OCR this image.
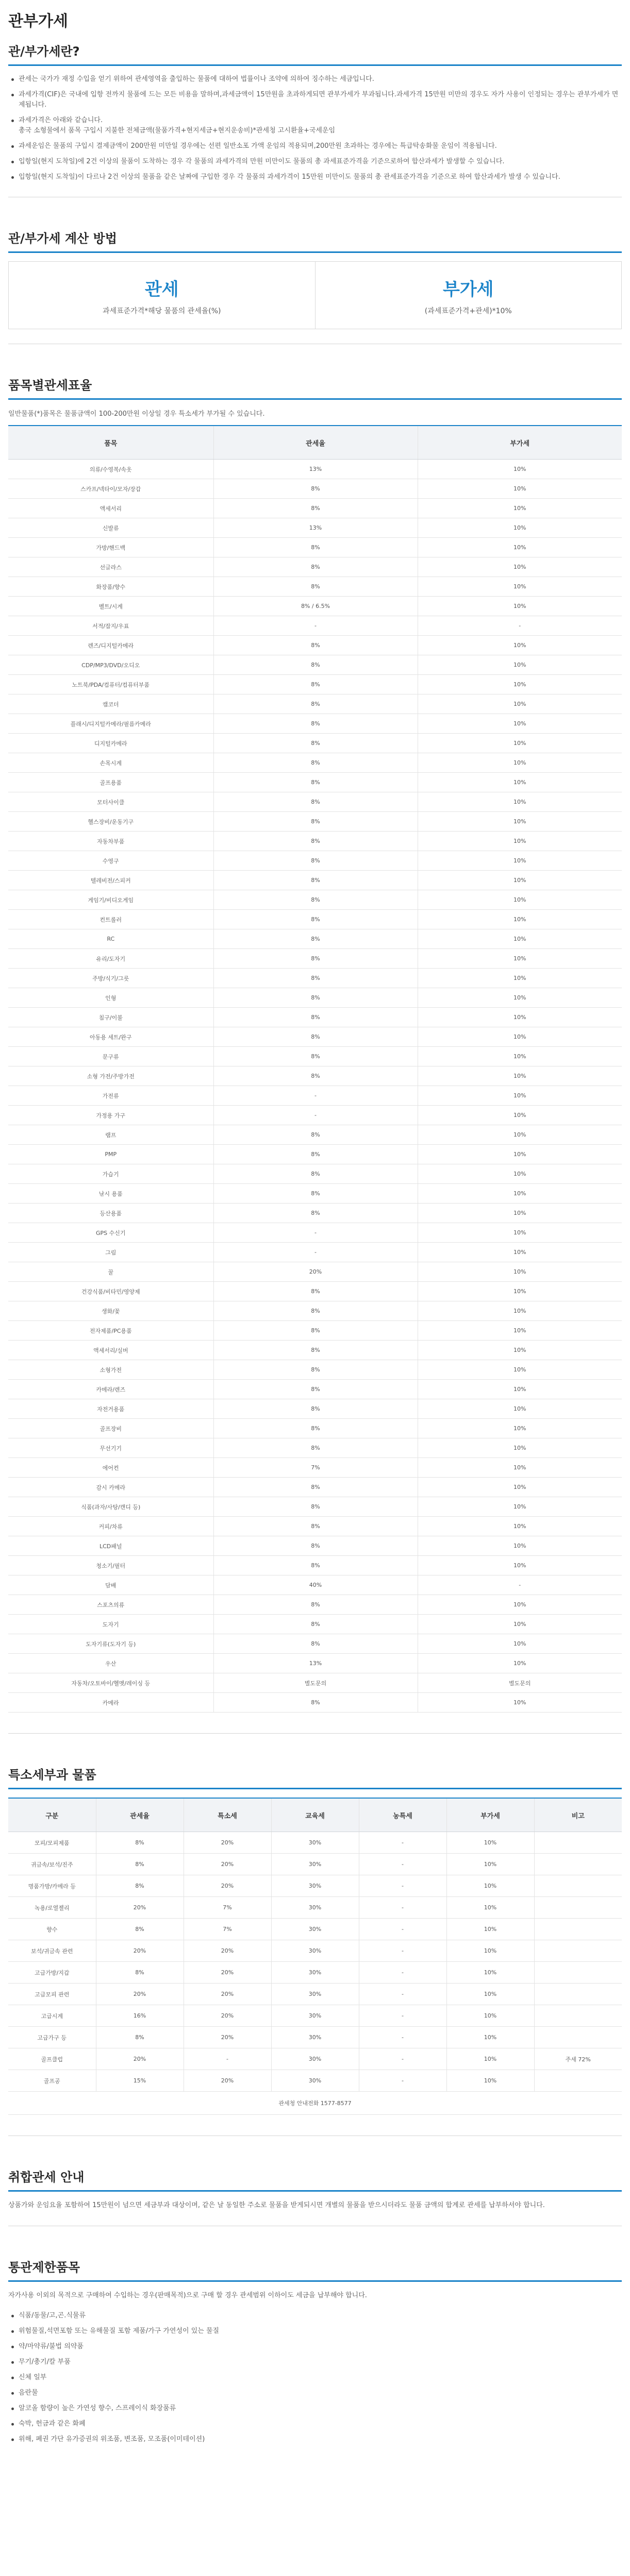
관부가세
관/부가세란?
관세는 국가가 재정 수입을 얻기 위하여 관세영역을 출입하는 물품에 대하여 법률이나 조약에 의하여 징수하는 세금입니다.
과세가격(CIF)은 국내에 입항 전까지 물품에 드는 모든 비용을 말하며,과세금액이 15만원을 초과하게되면 관부가세가 부과됩니다.과세가격 15만원 미만의 경우도 자가 사용이 인정되는 경우는 관부가세가 면제됩니다.
과세가격은 아래와 같습니다.
총국 소형물에서 품목 구입시 지불한 전체금액(물품가격+현지세금+현지운송비)*관세청 고시환율+국세운임
과세운임은 물품의 구입시 결제금액이 200만원 미만일 경우에는 선편 일반소포 가액 운임의 적용되며,200만원 초과하는 경우에는 특급탁송화물 운임이 적용됩니다.
입항일(현지 도착일)에 2건 이상의 물품이 도착하는 경우 각 물품의 과세가격의 만원 미만이도 물품의 총 과세표준가격을 기준으로하여 합산과세가 발생할 수 있습니다.
입항일(현지 도착일)이 다르나 2건 이상의 물품을 같은 날짜에 구입한 경우 각 물품의 과세가격이 15만원 미만이도 물품의 총 관세표준가격을 기준으로 하여 합산과세가 발생 수 있습니다.
관/부가세 계산 방법
관세
과세표준가격*해당 물품의 관세율(%)
부가세
(과세표준가격+관세)*10%
품목별관세표율
일반물품(*)품목은 물품금액이 100-200만원 이상일 경우 특소세가 부가될 수 있습니다.
품목	관세율	부가세
의류/수영복/속옷	13%	10%
스카프/넥타이/모자/장갑	8%	10%
액세서리	8%	10%
신발류	13%	10%
가방/핸드백	8%	10%
선글라스	8%	10%
화장품/향수	8%	10%
벨트/시계	8% / 6.5%	10%
서적/잡지/우표	-	-
렌즈/디지털카메라	8%	10%
CDP/MP3/DVD/오디오	8%	10%
노트북/PDA/컴퓨터/컴퓨터부품	8%	10%
캠코더	8%	10%
플래시/디지털카메라/필름카메라	8%	10%
디지털카메라	8%	10%
손목시계	8%	10%
골프용품	8%	10%
모터사이클	8%	10%
헬스장비/운동기구	8%	10%
자동차부품	8%	10%
수영구	8%	10%
텔레비전/스피커	8%	10%
게임기/비디오게임	8%	10%
컨트롤러	8%	10%
RC	8%	10%
유리/도자기	8%	10%
주방/식기/그릇	8%	10%
인형	8%	10%
침구/이불	8%	10%
아동용 세트/완구	8%	10%
문구류	8%	10%
소형 가전/주방가전	8%	10%
가전류	-	10%
가정용 가구	-	10%
램프	8%	10%
PMP	8%	10%
가습기	8%	10%
낚시 용품	8%	10%
등산용품	8%	10%
GPS 수신기	-	10%
그림	-	10%
꿀	20%	10%
건강식품/비타민/영양제	8%	10%
생화/꽃	8%	10%
전자제품/PC용품	8%	10%
액세서리/실버	8%	10%
소형가전	8%	10%
카메라/렌즈	8%	10%
자전거용품	8%	10%
골프장비	8%	10%
무선기기	8%	10%
에어컨	7%	10%
감시 카메라	8%	10%
식품(과자/사탕/캔디 등)	8%	10%
커피/차류	8%	10%
LCD패널	8%	10%
청소기/필터	8%	10%
담배	40%	-
스포츠의류	8%	10%
도자기	8%	10%
도자기류(도자기 등)	8%	10%
우산	13%	10%
자동차/오토바이/헬멧/레이싱 등	별도문의	별도문의
카메라	8%	10%
특소세부과 물품
구분	관세율	특소세	교육세	농특세	부가세	비고
모피/모피제품	8%	20%	30%	-	10%	
귀금속/보석/진주	8%	20%	30%	-	10%	
명품가방/카메라 등	8%	20%	30%	-	10%	
녹용/로열젤리	20%	7%	30%	-	10%	
향수	8%	7%	30%	-	10%	
보석/귀금속 관련	20%	20%	30%	-	10%	
고급가방/지갑	8%	20%	30%	-	10%	
고급모피 관련	20%	20%	30%	-	10%	
고급시계	16%	20%	30%	-	10%	
고급가구 등	8%	20%	30%	-	10%	
골프클럽	20%	-	30%	-	10%	주세 72%
골프공	15%	20%	30%	-	10%	
관세청 안내전화 1577-8577						
취합관세 안내

상품가와 운임요율 포함하여 15만원이 넘으면 세금부과 대상이며, 같은 날 동일한 주소로 물품을 받게되시면 개별의 물품을 받으시더라도 물품 금액의 합계로 관세를 납부하셔야 합니다.

통관제한품목

자가사용 이외의 목적으로 구매하여 수입하는 경우(판매목적)으로 구매 할 경우 관세범위 이하이도 세금을 납부해야 합니다.

식품/동물/고,곤.식물류
위험물질,석면포함 또는 유해물질 포함 제품/가구 가연성이 있는 물질
약/마약류/불법 의약품
무기/총기/칼 부품
신체 일부
음란물
알코올 함량이 높은 가연성 향수, 스프레이식 화장품류
숙박, 헌금과 같은 화폐
위해, 폐권 가단 유가증권의 위조품, 변조품, 모조품(이미테이션)
